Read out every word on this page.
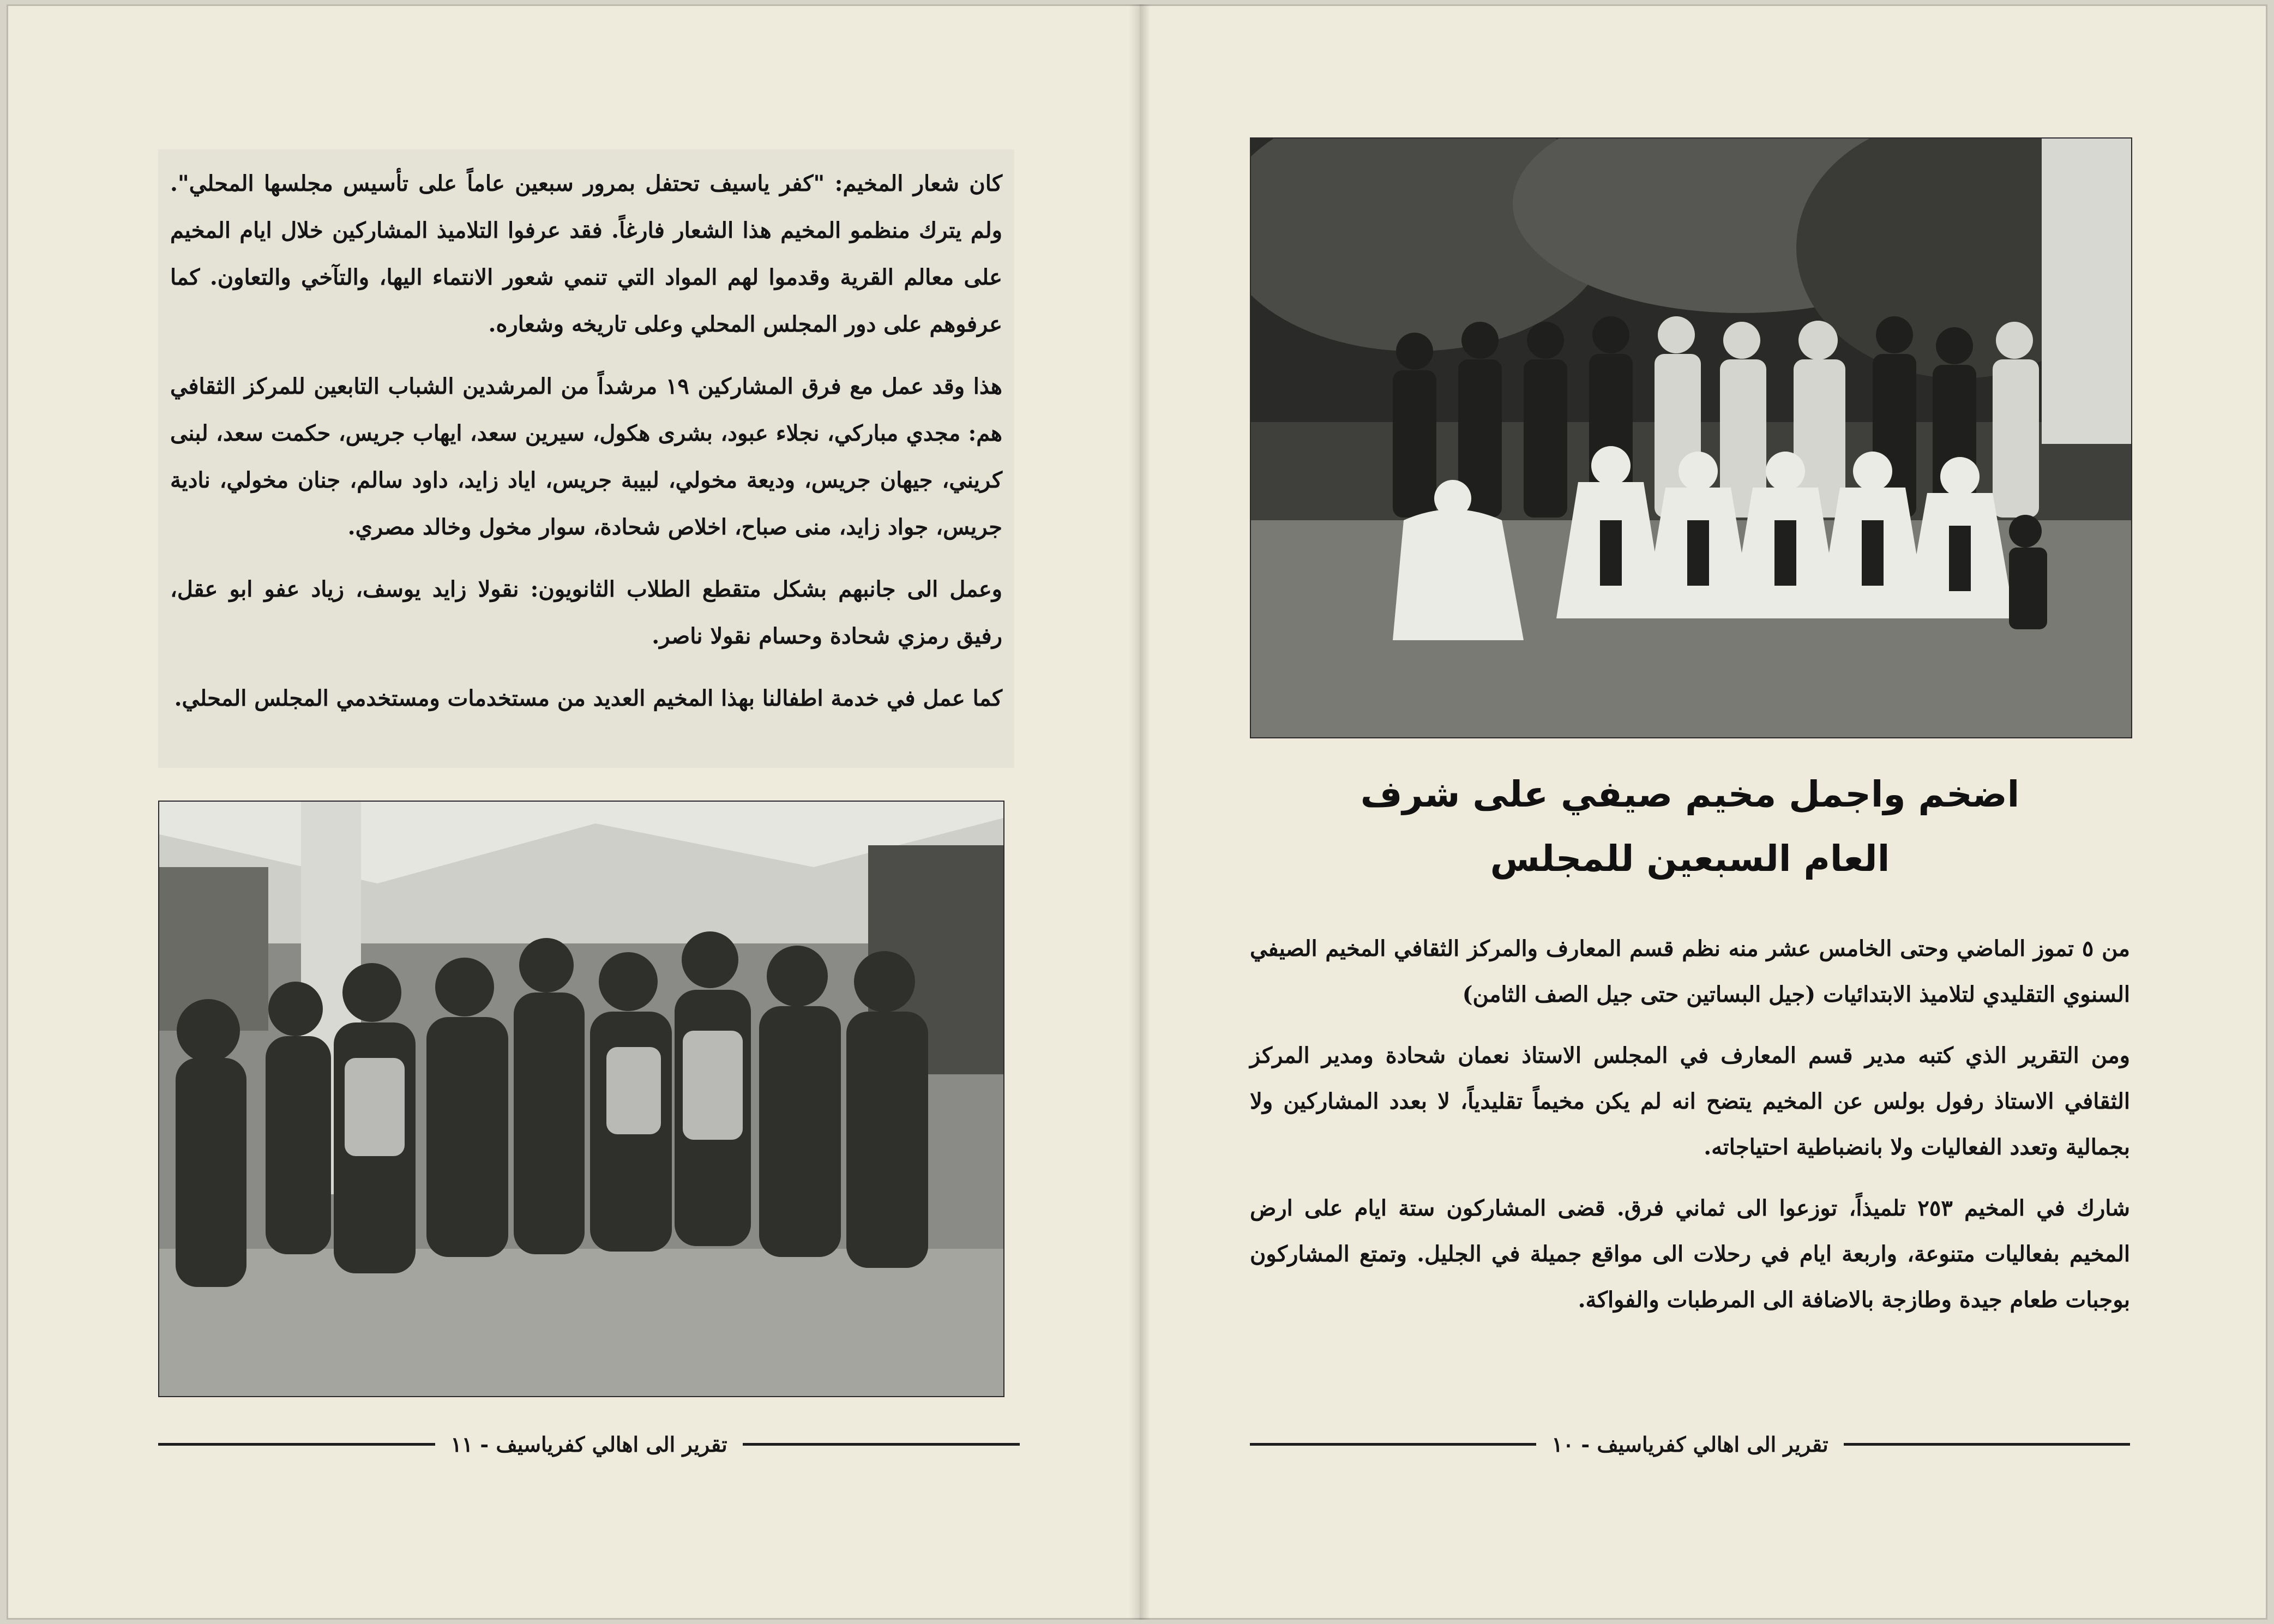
كان شعار المخيم: "كفر ياسيف تحتفل بمرور سبعين عاماً على تأسيس مجلسها المحلي". ولم يترك منظمو المخيم هذا الشعار فارغاً. فقد عرفوا التلاميذ المشاركين خلال ايام المخيم على معالم القرية وقدموا لهم المواد التي تنمي شعور الانتماء اليها، والتآخي والتعاون. كما عرفوهم على دور المجلس المحلي وعلى تاريخه وشعاره.

هذا وقد عمل مع فرق المشاركين ١٩ مرشداً من المرشدين الشباب التابعين للمركز الثقافي هم: مجدي مباركي، نجلاء عبود، بشرى هكول، سيرين سعد، ايهاب جريس، حكمت سعد، لبنى كريني، جيهان جريس، وديعة مخولي، لبيبة جريس، اياد زايد، داود سالم، جنان مخولي، نادية جريس، جواد زايد، منى صباح، اخلاص شحادة، سوار مخول وخالد مصري.

وعمل الى جانبهم بشكل متقطع الطلاب الثانويون: نقولا زايد يوسف، زياد عفو ابو عقل، رفيق رمزي شحادة وحسام نقولا ناصر.

كما عمل في خدمة اطفالنا بهذا المخيم العديد من مستخدمات ومستخدمي المجلس المحلي.

تقرير الى اهالي كفرياسيف - ١١
اضخم واجمل مخيم صيفي على شرف
العام السبعين للمجلس

من ٥ تموز الماضي وحتى الخامس عشر منه نظم قسم المعارف والمركز الثقافي المخيم الصيفي السنوي التقليدي لتلاميذ الابتدائيات (جيل البساتين حتى جيل الصف الثامن)

ومن التقرير الذي كتبه مدير قسم المعارف في المجلس الاستاذ نعمان شحادة ومدير المركز الثقافي الاستاذ رفول بولس عن المخيم يتضح انه لم يكن مخيماً تقليدياً، لا بعدد المشاركين ولا بجمالية وتعدد الفعاليات ولا بانضباطية احتياجاته.

شارك في المخيم ٢٥٣ تلميذاً، توزعوا الى ثماني فرق. قضى المشاركون ستة ايام على ارض المخيم بفعاليات متنوعة، واربعة ايام في رحلات الى مواقع جميلة في الجليل. وتمتع المشاركون بوجبات طعام جيدة وطازجة بالاضافة الى المرطبات والفواكة.

تقرير الى اهالي كفرياسيف - ١٠
